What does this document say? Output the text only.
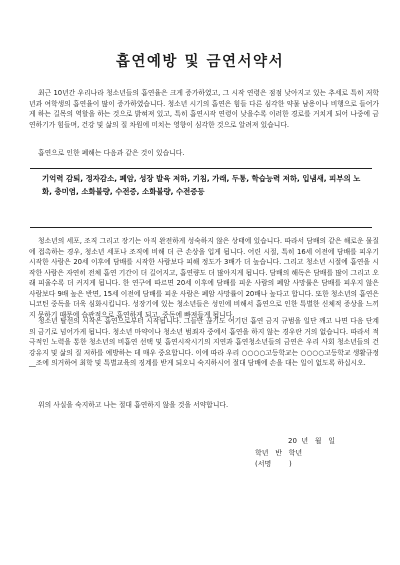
흡연예방 및 금연서약서

최근 10년간 우리나라 청소년들의 흡연율은 크게 증가하였고, 그 시작 연령은 점점 낮아지고 있는 추세로 특히 저학년과 여학생의 흡연율이 많이 증가하였습니다. 청소년 시기의 흡연은 힘들 다른 심각한 약물 남용이나 비행으로 들어가게 하는 길목의 역할을 하는 것으로 밝혀져 있고, 특히 흡연시작 연령이 낮을수록 이러한 경로를 거치게 되어 나중에 금연하기가 힘들며, 건강 및 삶의 질 차원에 미치는 영향이 심각한 것으로 알려져 있습니다.

흡연으로 인한 폐해는 다음과 같은 것이 있습니다.

기억력 감퇴, 정자감소, 폐암, 성장 발육 저하, 기침, 가래, 두통, 학습능력 저하, 입냄새, 피부의 노화, 충미염, 소화불량, 수전증, 소화불량, 수전증등

청소년의 세포, 조직 그리고 장기는 아직 완전하게 성숙하지 않은 상태에 있습니다. 따라서 담배의 같은 해로운 물질에 접촉하는 경우, 청소년 세포나 조직에 비해 더 큰 손상을 입게 됩니다. 어린 시절, 특히 16세 이전에 담배를 피우기 시작한 사람은 20세 이후에 담배를 시작한 사람보다 피해 정도가 3배가 더 높습니다. 그리고 청소년 시절에 흡연을 시작한 사람은 자연히 전체 흡연 기간이 더 길어지고, 흡연량도 더 많아지게 됩니다. 담배의 해독은 담배를 많이 그리고 오래 피울수록 더 커지게 됩니다. 한 연구에 따르면 20세 이후에 담배를 피운 사람의 폐암 사망률은 담배를 피우지 않은 사람보다 9배 높은 반면, 15세 이전에 담배를 피운 사람은 폐암 사망률이 20배나 높다고 합니다. 또한 청소년의 흡연은 니코틴 중독을 더욱 심화시킵니다. 성장기에 있는 청소년들은 성인에 비해서 흡연으로 인한 특별한 신체적 증상을 느끼지 못하기 때문에 습관적으로 흡연하게 되고, 중독에 빠져들게 됩니다.

청소년 탈선의 시작은 흡연으로부터 시작됩니다. 그들만 끊기도 여기던 흡연 금지 규범을 일단 깨고 나면 다음 단계의 금기로 넘어가게 됩니다. 청소년 마약이나 청소년 범죄자 중에서 흡연을 하지 않는 경우란 거의 없습니다. 따라서 적극적인 노력을 통한 청소년의 비흡연 선택 및 흡연시작시기의 지연과 흡연청소년들의 금연은 우리 사회 청소년들의 건강유지 및 삶의 질 저하를 예방하는 데 매우 중요합니다. 이에 따라 우리 ○○○○고등학교는 ○○○○고등학교 생활규정 __조에 의거하여 최학 및 특별교육의 징계를 받게 되오니 숙지하시어 절대 담배에 손을 대는 일이 없도록 하십시오.

위의 사실을 숙지하고 나는 절대 흡연하지 않을 것을 서약합니다.

20  년   월   일
학년   반   학년
(서명        )
